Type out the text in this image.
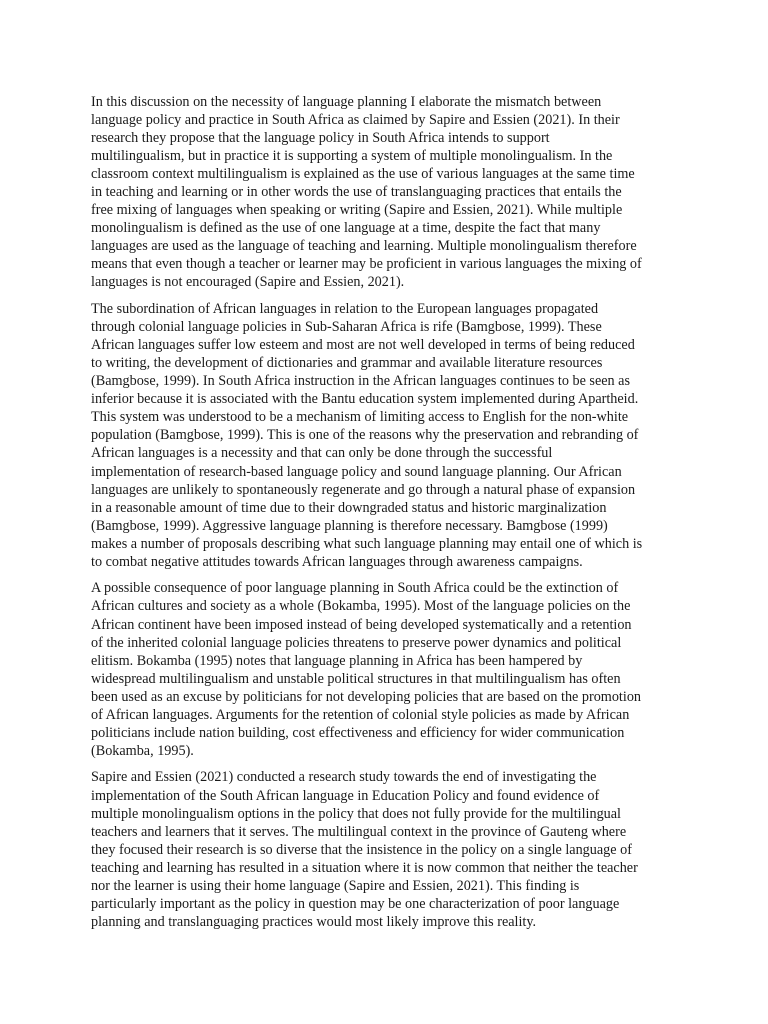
In this discussion on the necessity of language planning I elaborate the mismatch between
language policy and practice in South Africa as claimed by Sapire and Essien (2021). In their
research they propose that the language policy in South Africa intends to support
multilingualism, but in practice it is supporting a system of multiple monolingualism. In the
classroom context multilingualism is explained as the use of various languages at the same time
in teaching and learning or in other words the use of translanguaging practices that entails the
free mixing of languages when speaking or writing (Sapire and Essien, 2021). While multiple
monolingualism is defined as the use of one language at a time, despite the fact that many
languages are used as the language of teaching and learning. Multiple monolingualism therefore
means that even though a teacher or learner may be proficient in various languages the mixing of
languages is not encouraged (Sapire and Essien, 2021).

The subordination of African languages in relation to the European languages propagated
through colonial language policies in Sub-Saharan Africa is rife (Bamgbose, 1999). These
African languages suffer low esteem and most are not well developed in terms of being reduced
to writing, the development of dictionaries and grammar and available literature resources
(Bamgbose, 1999). In South Africa instruction in the African languages continues to be seen as
inferior because it is associated with the Bantu education system implemented during Apartheid.
This system was understood to be a mechanism of limiting access to English for the non-white
population (Bamgbose, 1999). This is one of the reasons why the preservation and rebranding of
African languages is a necessity and that can only be done through the successful
implementation of research-based language policy and sound language planning. Our African
languages are unlikely to spontaneously regenerate and go through a natural phase of expansion
in a reasonable amount of time due to their downgraded status and historic marginalization
(Bamgbose, 1999). Aggressive language planning is therefore necessary. Bamgbose (1999)
makes a number of proposals describing what such language planning may entail one of which is
to combat negative attitudes towards African languages through awareness campaigns.

A possible consequence of poor language planning in South Africa could be the extinction of
African cultures and society as a whole (Bokamba, 1995). Most of the language policies on the
African continent have been imposed instead of being developed systematically and a retention
of the inherited colonial language policies threatens to preserve power dynamics and political
elitism. Bokamba (1995) notes that language planning in Africa has been hampered by
widespread multilingualism and unstable political structures in that multilingualism has often
been used as an excuse by politicians for not developing policies that are based on the promotion
of African languages. Arguments for the retention of colonial style policies as made by African
politicians include nation building, cost effectiveness and efficiency for wider communication
(Bokamba, 1995).

Sapire and Essien (2021) conducted a research study towards the end of investigating the
implementation of the South African language in Education Policy and found evidence of
multiple monolingualism options in the policy that does not fully provide for the multilingual
teachers and learners that it serves. The multilingual context in the province of Gauteng where
they focused their research is so diverse that the insistence in the policy on a single language of
teaching and learning has resulted in a situation where it is now common that neither the teacher
nor the learner is using their home language (Sapire and Essien, 2021). This finding is
particularly important as the policy in question may be one characterization of poor language
planning and translanguaging practices would most likely improve this reality.
